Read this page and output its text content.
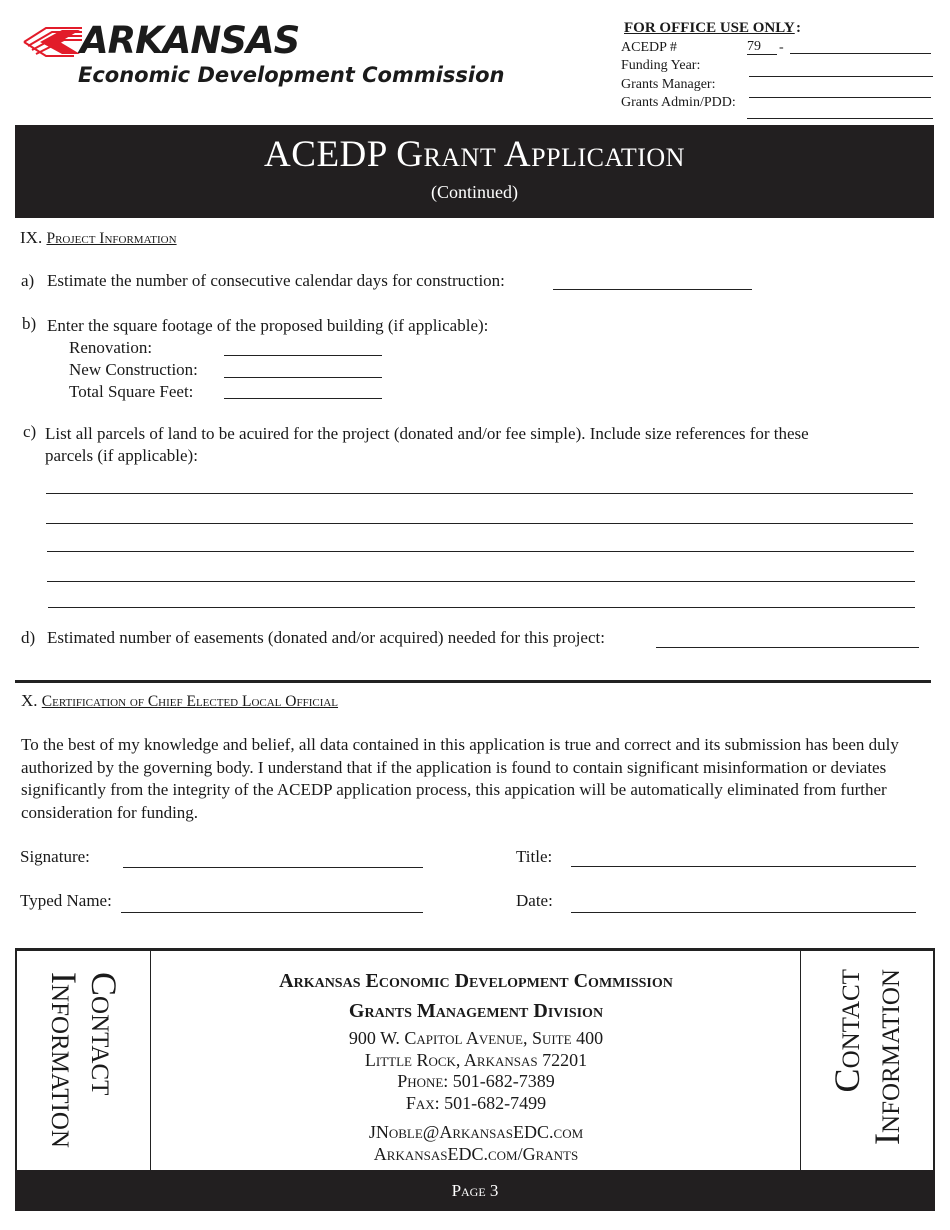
ARKANSAS
Economic Development Commission
FOR OFFICE USE ONLY :
ACEDP #	79	-
Funding Year:
Grants Manager:
Grants Admin/PDD:
ACEDP Grant Application
(Continued)
IX. Project Information
a) Estimate the number of consecutive calendar days for construction:
b) Enter the square footage of the proposed building (if applicable):
Renovation:
New Construction:
Total Square Feet:
c) List all parcels of land to be acuired for the project (donated and/or fee simple). Include size references for these
parcels (if applicable):
d) Estimated number of easements (donated and/or acquired) needed for this project:
X. Certification of Chief Elected Local Official
To the best of my knowledge and belief, all data contained in this application is true and correct and its submission has been duly authorized by the governing body. I understand that if the application is found to contain significant misinformation or deviates significantly from the integrity of the ACEDP application process, this appication will be automatically eliminated from further consideration for funding.
Signature:	Title:
Typed Name:	Date:
Contact
Information	Contact Information
Arkansas Economic Development Commission
Grants Management Division
900 W. Capitol Avenue, Suite 400
Little Rock, Arkansas 72201
Phone: 501-682-7389
Fax: 501-682-7499
JNoble@ArkansasEDC.com
ArkansasEDC.com/Grants
Page 3
